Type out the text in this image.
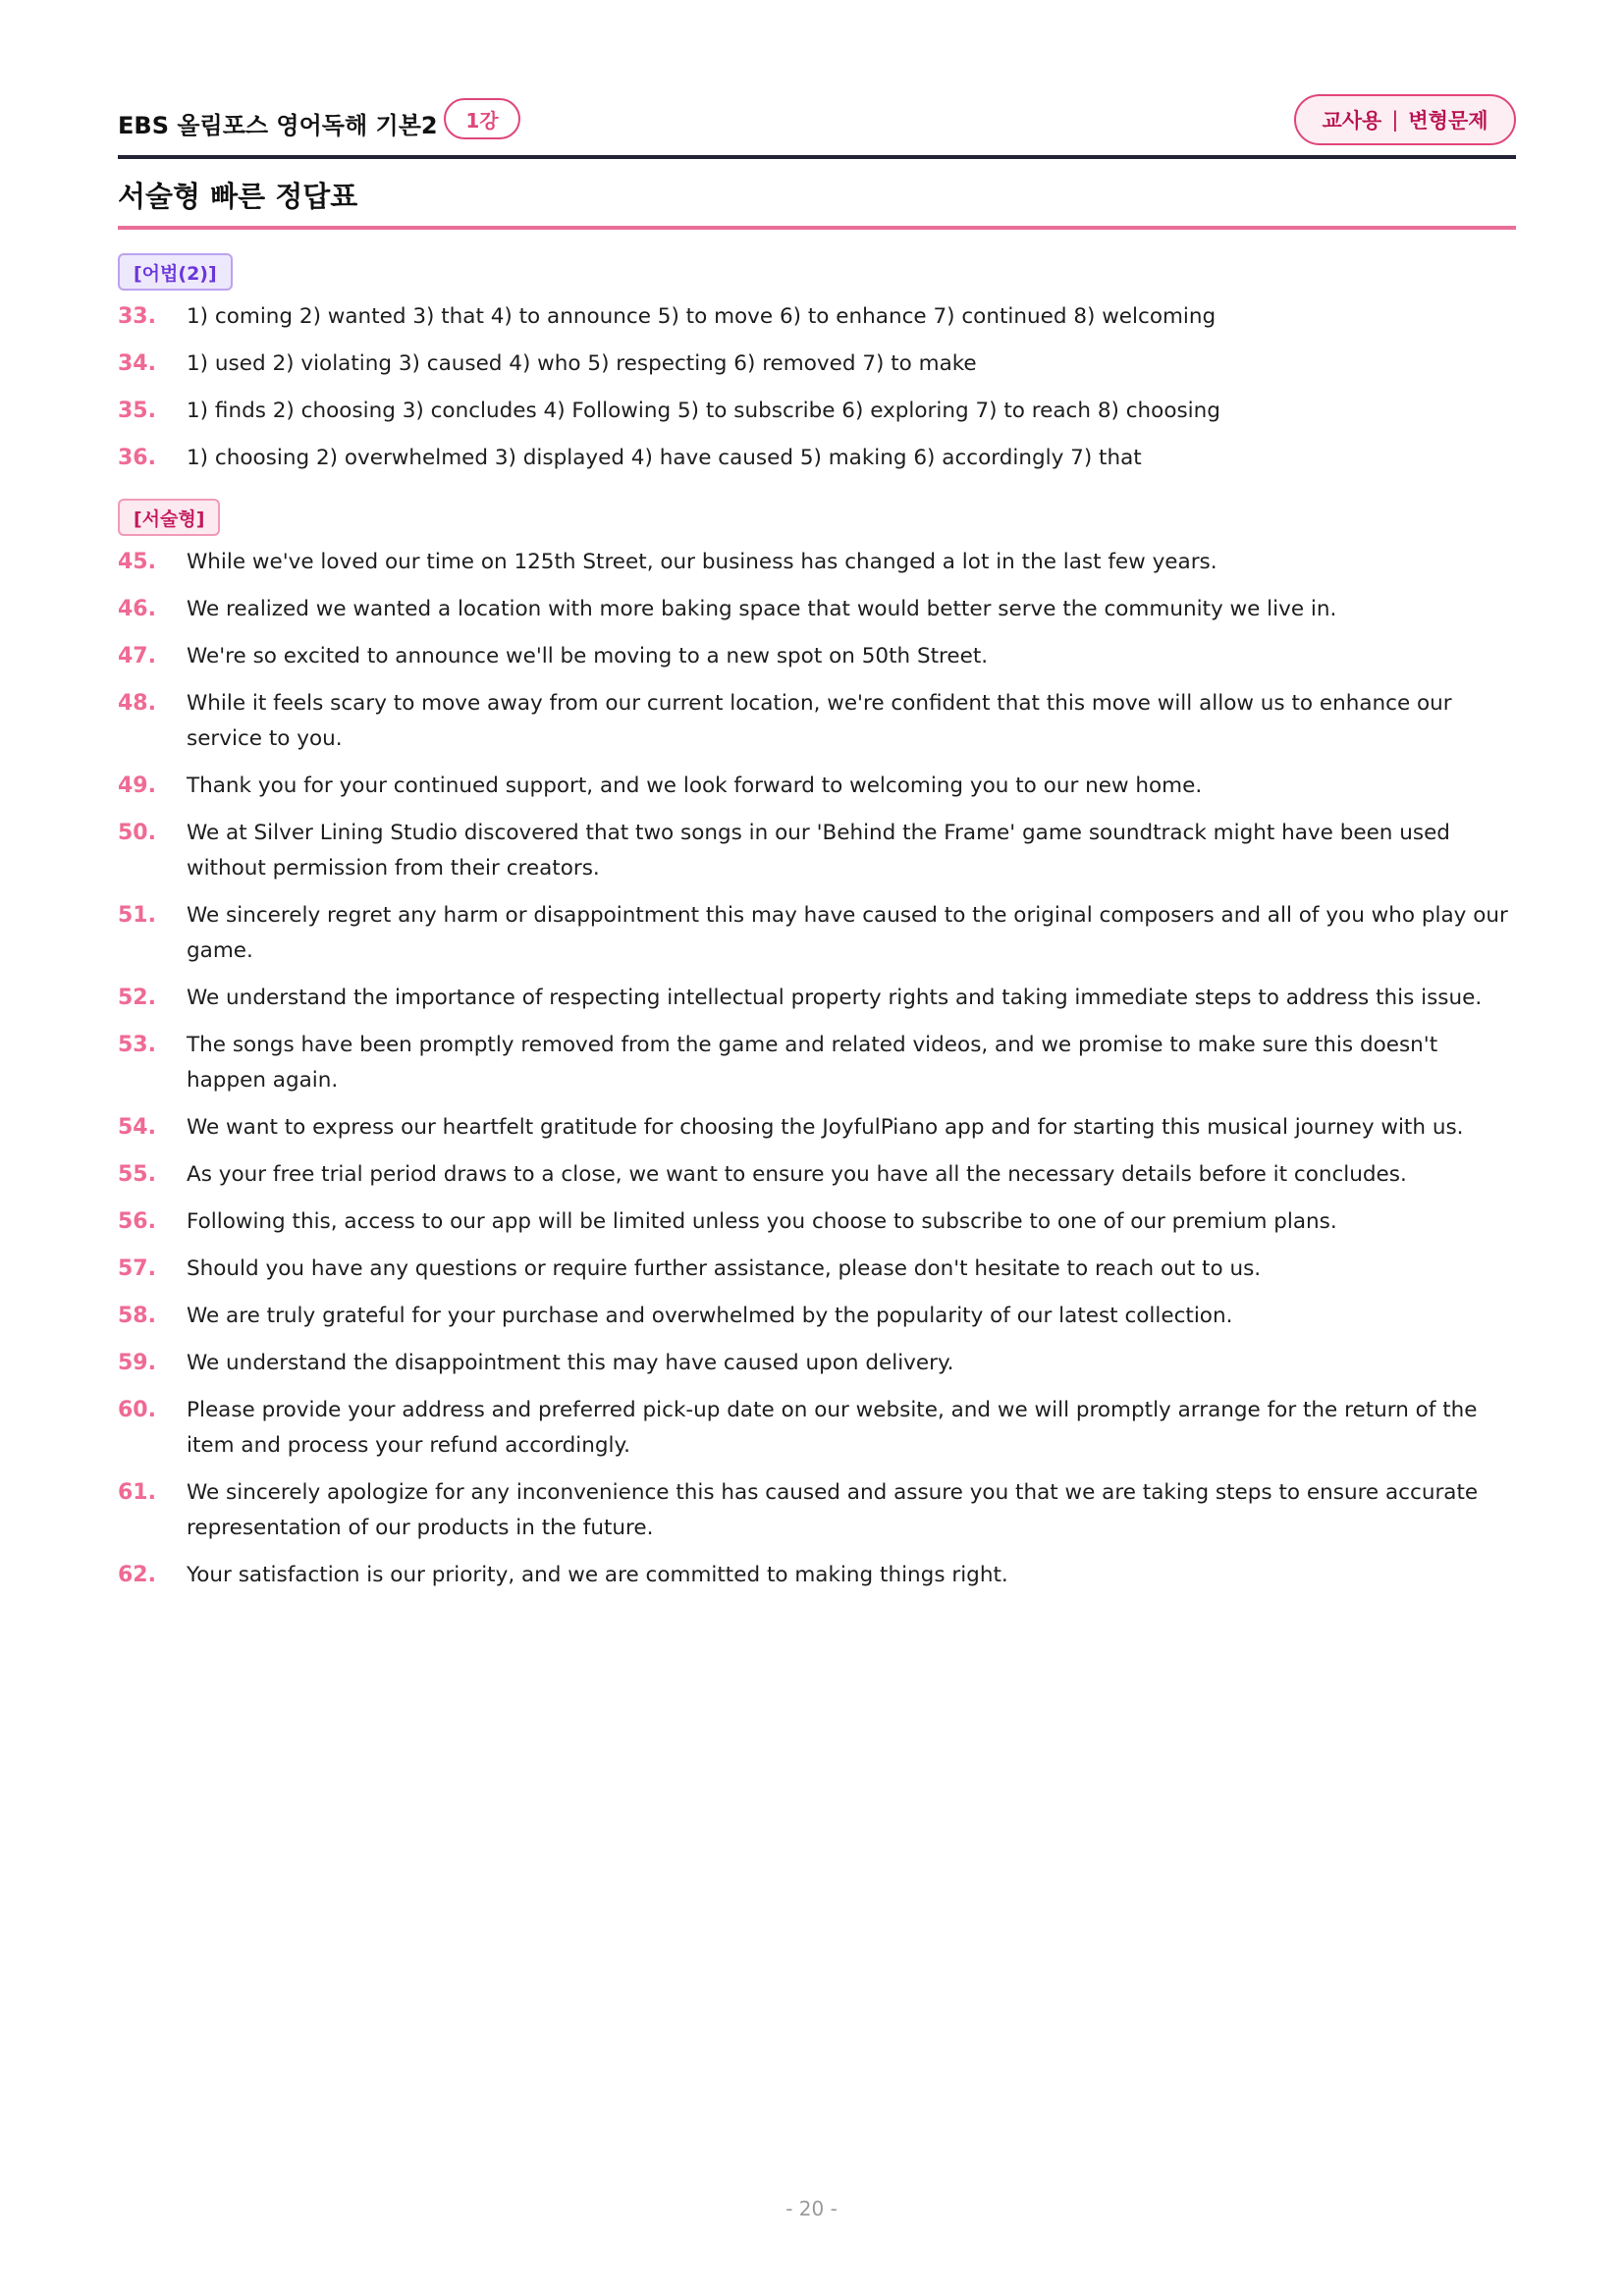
EBS 올림포스 영어독해 기본2	1강	교사용 | 변형문제
서술형 빠른 정답표
[어법(2)]
33. 1) coming 2) wanted 3) that 4) to announce 5) to move 6) to enhance 7) continued 8) welcoming
34. 1) used 2) violating 3) caused 4) who 5) respecting 6) removed 7) to make
35. 1) finds 2) choosing 3) concludes 4) Following 5) to subscribe 6) exploring 7) to reach 8) choosing
36. 1) choosing 2) overwhelmed 3) displayed 4) have caused 5) making 6) accordingly 7) that
[서술형]
45. While we've loved our time on 125th Street, our business has changed a lot in the last few years.
46. We realized we wanted a location with more baking space that would better serve the community we live in.
47. We're so excited to announce we'll be moving to a new spot on 50th Street.
48. While it feels scary to move away from our current location, we're confident that this move will allow us to enhance our service to you.
49. Thank you for your continued support, and we look forward to welcoming you to our new home.
50. We at Silver Lining Studio discovered that two songs in our 'Behind the Frame' game soundtrack might have been used without permission from their creators.
51. We sincerely regret any harm or disappointment this may have caused to the original composers and all of you who play our game.
52. We understand the importance of respecting intellectual property rights and taking immediate steps to address this issue.
53. The songs have been promptly removed from the game and related videos, and we promise to make sure this doesn't happen again.
54. We want to express our heartfelt gratitude for choosing the JoyfulPiano app and for starting this musical journey with us.
55. As your free trial period draws to a close, we want to ensure you have all the necessary details before it concludes.
56. Following this, access to our app will be limited unless you choose to subscribe to one of our premium plans.
57. Should you have any questions or require further assistance, please don't hesitate to reach out to us.
58. We are truly grateful for your purchase and overwhelmed by the popularity of our latest collection.
59. We understand the disappointment this may have caused upon delivery.
60. Please provide your address and preferred pick-up date on our website, and we will promptly arrange for the return of the item and process your refund accordingly.
61. We sincerely apologize for any inconvenience this has caused and assure you that we are taking steps to ensure accurate representation of our products in the future.
62. Your satisfaction is our priority, and we are committed to making things right.
- 20 -
